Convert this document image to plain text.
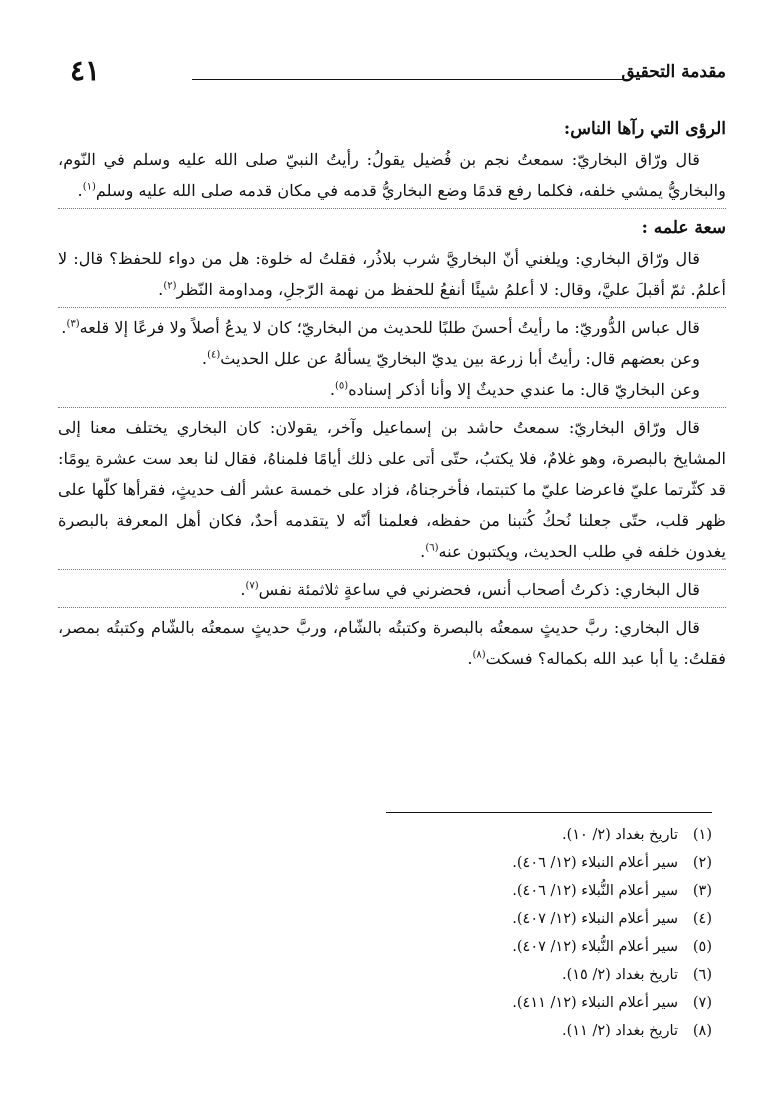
مقدمة التحقيق
٤١

الرؤى التي رآها الناس:

قال ورّاق البخاريّ: سمعتُ نجم بن فُضيل يقولُ: رأيتُ النبيّ صلى الله عليه وسلم في النّوم، والبخاريُّ يمشي خلفه، فكلما رفع قدمًا وضع البخاريُّ قدمه في مكان قدمه صلى الله عليه وسلم$^{(١)}$.

سعة علمه :

قال ورّاق البخاري: ويلغني أنّ البخاريَّ شرب بلاذُر، فقلتُ له خلوة: هل من دواء للحفظ؟ قال: لا أعلمُ. ثمّ أقبلَ عليَّ، وقال: لا أعلمُ شيئًا أنفعُ للحفظ من نهمة الرّجلِ، ومداومة النّظر$^{(٢)}$.

قال عباس الدُّوريّ: ما رأيتُ أحسنَ طلبًا للحديث من البخاريّ؛ كان لا يدعُ أصلاً ولا فرعًا إلا قلعه$^{(٣)}$.

وعن بعضهم قال: رأيتُ أبا زرعة بين يديّ البخاريّ يسألهُ عن علل الحديث$^{(٤)}$.

وعن البخاريّ قال: ما عندي حديثٌ إلا وأنا أذكر إسناده$^{(٥)}$.

قال ورّاق البخاريّ: سمعتُ حاشد بن إسماعيل وآخر، يقولان: كان البخاري يختلف معنا إلى المشايخ بالبصرة، وهو غلامٌ، فلا يكتبُ، حتّى أتى على ذلك أيامًا فلمناهُ، فقال لنا بعد ست عشرة يومًا: قد كثّرتما عليّ فاعرضا عليّ ما كتبتما، فأخرجناهُ، فزاد على خمسة عشر ألف حديثٍ، فقرأها كلّها على ظهر قلب، حتّى جعلنا نُحكُ كُتبنا من حفظه، فعلمنا أنّه لا يتقدمه أحدٌ، فكان أهل المعرفة بالبصرة يغدون خلفه في طلب الحديث، ويكتبون عنه$^{(٦)}$.

قال البخاري: ذكرتُ أصحاب أنس، فحضرني في ساعةٍ ثلاثمئة نفس$^{(٧)}$.

قال البخاري: ربَّ حديثٍ سمعتُه بالبصرة وكتبتُه بالشّام، وربَّ حديثٍ سمعتُه بالشّام وكتبتُه بمصر، فقلتُ: يا أبا عبد الله بكماله؟ فسكت$^{(٨)}$.

(١)تاريخ بغداد (٢/ ١٠).
(٢)سير أعلام النبلاء (١٢/ ٤٠٦).
(٣)سير أعلام النُّبلاء (١٢/ ٤٠٦).
(٤)سير أعلام النبلاء (١٢/ ٤٠٧).
(٥)سير أعلام النُّبلاء (١٢/ ٤٠٧).
(٦)تاريخ بغداد (٢/ ١٥).
(٧)سير أعلام النبلاء (١٢/ ٤١١).
(٨)تاريخ بغداد (٢/ ١١).
